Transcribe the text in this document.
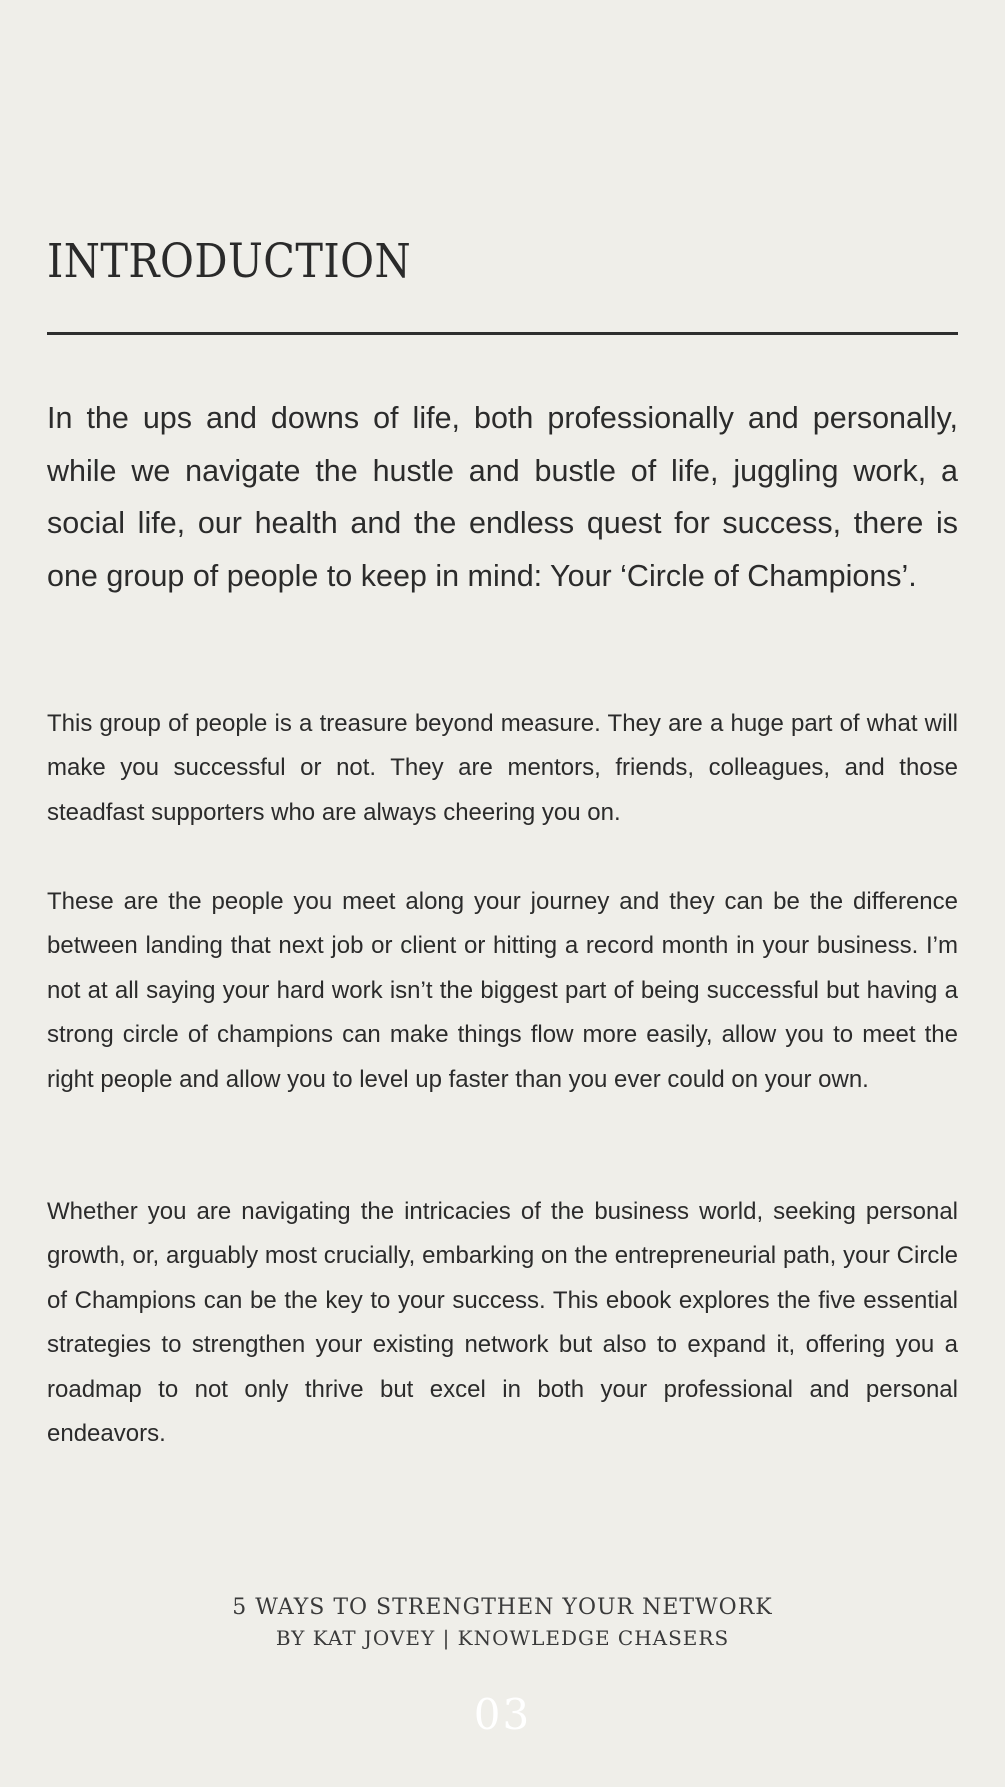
INTRODUCTION

In the ups and downs of life, both professionally and personally, while we navigate the hustle and bustle of life, juggling work, a social life, our health and the endless quest for success, there is one group of people to keep in mind: Your ‘Circle of Champions’.

This group of people is a treasure beyond measure. They are a huge part of what will make you successful or not. They are mentors, friends, colleagues, and those steadfast supporters who are always cheering you on.

These are the people you meet along your journey and they can be the difference between landing that next job or client or hitting a record month in your business. I’m not at all saying your hard work isn’t the biggest part of being successful but having a strong circle of champions can make things flow more easily, allow you to meet the right people and allow you to level up faster than you ever could on your own.

Whether you are navigating the intricacies of the business world, seeking personal growth, or, arguably most crucially, embarking on the entrepreneurial path, your Circle of Champions can be the key to your success. This ebook explores the five essential strategies to strengthen your existing network but also to expand it, offering you a roadmap to not only thrive but excel in both your professional and personal endeavors.

5 WAYS TO STRENGTHEN YOUR NETWORK
BY KAT JOVEY | KNOWLEDGE CHASERS
03
